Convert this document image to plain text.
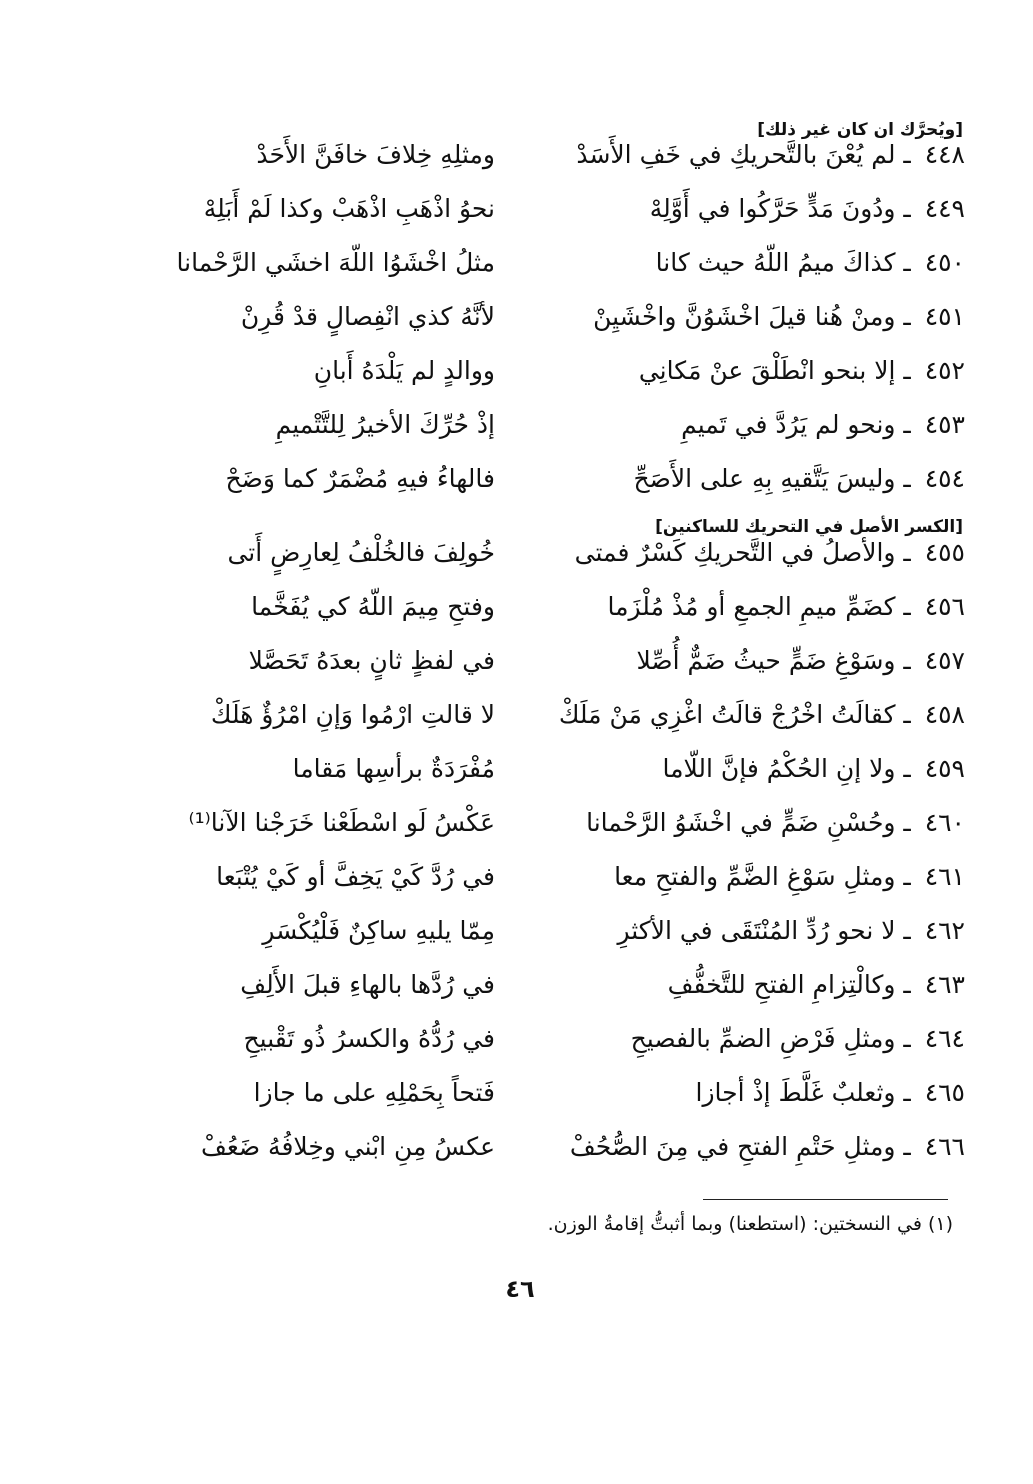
[ويُحرَّك ان كان غير ذلك]
٤٤٨ ـ لم يُعْنَ بالتَّحريكِ في خَفِ الأَسَدْ
ومثلِهِ خِلافَ خافَنَّ الأَحَدْ
٤٤٩ ـ ودُونَ مَدٍّ حَرَّكُوا في أَوَّلِهْ
نحوُ اذْهَبِ اذْهَبْ وكذا لَمْ أَبَلِهْ
٤٥٠ ـ كذاكَ ميمُ اللّهُ حيث كانا
مثلُ اخْشَوُا اللّهَ اخشَي الرَّحْمانا
٤٥١ ـ ومنْ هُنا قيلَ اخْشَوُنَّ واخْشَيِنْ
لأنَّهُ كذي انْفِصالٍ قدْ قُرِنْ
٤٥٢ ـ إلا بنحو انْطَلْقَ عنْ مَكانِي
ووالدٍ لم يَلْدَهُ أَبانِ
٤٥٣ ـ ونحو لم يَرُدَّ في تَميمِ
إذْ حُرِّكَ الأخيرُ لِلتَّتْميمِ
٤٥٤ ـ وليسَ يَتَّقيهِ بِهِ على الأَصَحِّ
فالهاءُ فيهِ مُضْمَرٌ كما وَضَحْ
[الكسر الأصل في التحريك للساكنين]
٤٥٥ ـ والأصلُ في التَّحريكِ كَسْرٌ فمتى
خُولِفَ فالخُلْفُ لِعارِضٍ أَتى
٤٥٦ ـ كضَمِّ ميمِ الجمعِ أو مُذْ مُلْزَما
وفتحِ مِيمَ اللّهُ كي يُفَخَّما
٤٥٧ ـ وسَوْغِ ضَمٍّ حيثُ ضَمٌّ أُصِّلا
في لفظٍ ثانٍ بعدَهُ تَحَصَّلا
٤٥٨ ـ كقالَتُ اخْرُجْ قالَتُ اغْزِي مَنْ مَلَكْ
لا قالتِ ارْمُوا وَإنِ امْرُؤٌ هَلَكْ
٤٥٩ ـ ولا إنِ الحُكْمُ فإنَّ اللّاما
مُفْرَدَةٌ برأسِها مَقاما
٤٦٠ ـ وحُسْنِ ضَمٍّ في اخْشَوُ الرَّحْمانا
عَكْسُ لَو اسْطَعْنا خَرَجْنا الآنا⁽¹⁾
٤٦١ ـ ومثلِ سَوْغِ الضَّمِّ والفتحِ معا
في رُدَّ كَيْ يَخِفَّ أو كَيْ يُتْبَعا
٤٦٢ ـ لا نحو رُدِّ المُنْتَقَى في الأكثرِ
مِمّا يليهِ ساكِنٌ فَلْيُكْسَرِ
٤٦٣ ـ وكالْتِزامِ الفتحِ للتَّخفُّفِ
في رُدَّها بالهاءِ قبلَ الأَلِفِ
٤٦٤ ـ ومثلِ فَرْضِ الضمِّ بالفصيحِ
في رُدُّهُ والكسرُ ذُو تَقْبيحِ
٤٦٥ ـ وثعلبٌ غَلَّطَ إذْ أجازا
فَتحاً بِحَمْلِهِ على ما جازا
٤٦٦ ـ ومثلِ حَتْمِ الفتحِ في مِنَ الصُّحُفْ
عكسُ مِنِ ابْني وخِلافُهُ ضَعُفْ
(١) في النسختين: (استطعنا) وبما أثبتُّ إقامةُ الوزن.
٤٦
